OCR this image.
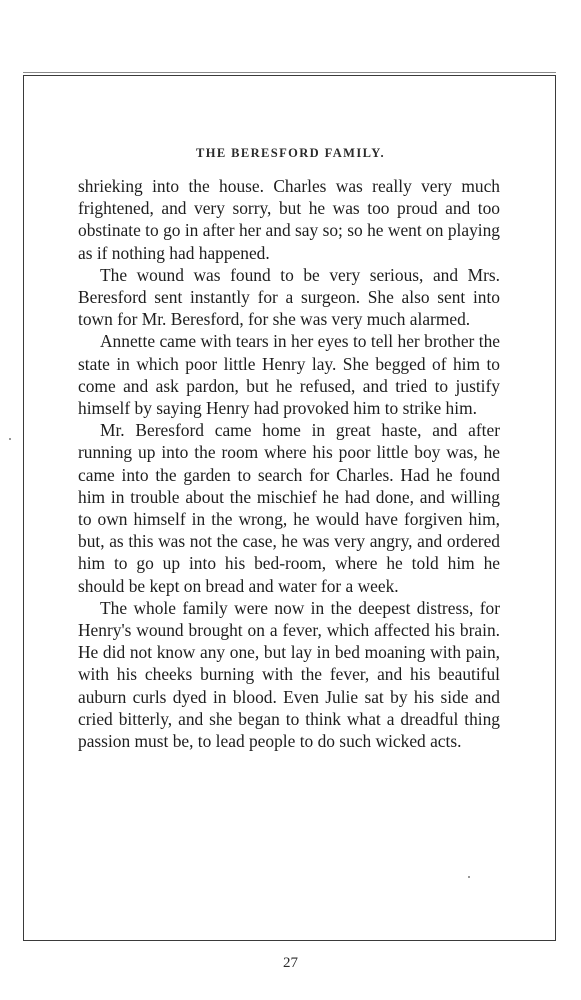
THE BERESFORD FAMILY.

shrieking into the house. Charles was really very much frightened, and very sorry, but he was too proud and too obstinate to go in after her and say so; so he went on playing as if nothing had happened.

The wound was found to be very serious, and Mrs. Beresford sent instantly for a surgeon. She also sent into town for Mr. Beresford, for she was very much alarmed.

Annette came with tears in her eyes to tell her brother the state in which poor little Henry lay. She begged of him to come and ask pardon, but he refused, and tried to justify himself by saying Henry had provoked him to strike him.

Mr. Beresford came home in great haste, and after running up into the room where his poor little boy was, he came into the garden to search for Charles. Had he found him in trouble about the mischief he had done, and willing to own himself in the wrong, he would have forgiven him, but, as this was not the case, he was very angry, and ordered him to go up into his bed-room, where he told him he should be kept on bread and water for a week.

The whole family were now in the deepest distress, for Henry's wound brought on a fever, which affected his brain. He did not know any one, but lay in bed moaning with pain, with his cheeks burning with the fever, and his beautiful auburn curls dyed in blood. Even Julie sat by his side and cried bitterly, and she began to think what a dreadful thing passion must be, to lead people to do such wicked acts.

27
